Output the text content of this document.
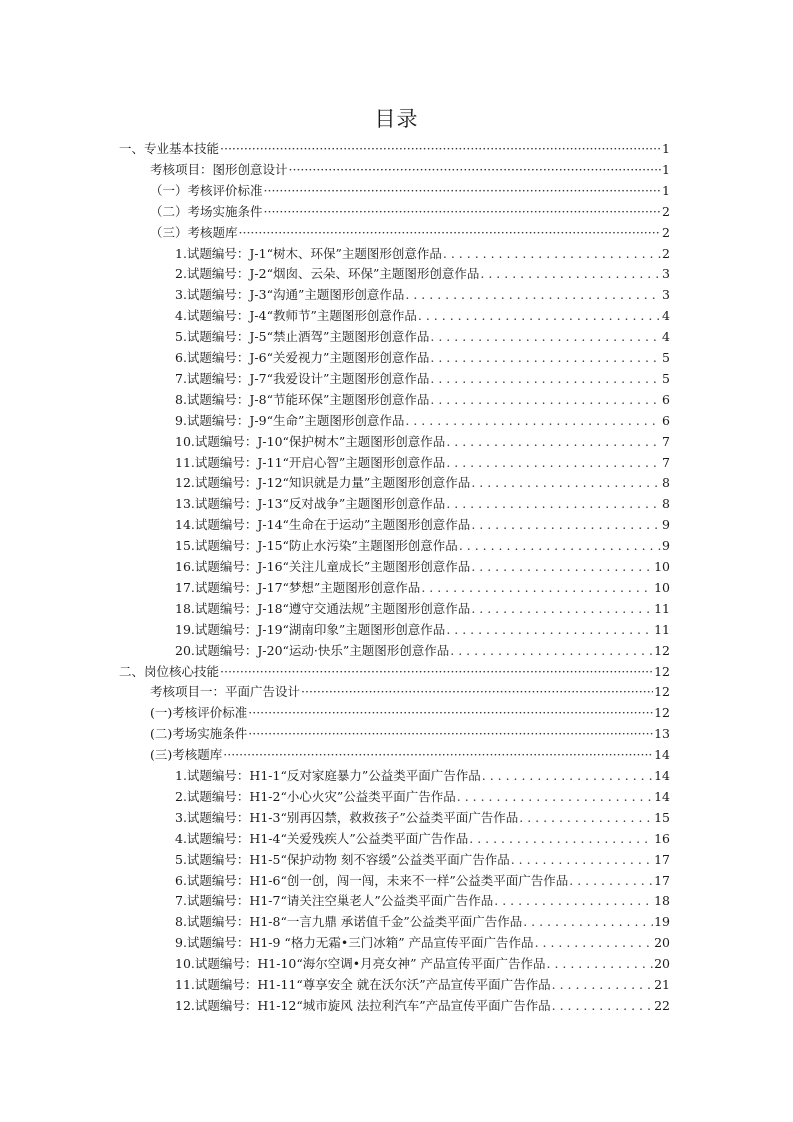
目录
一、专业基本技能 ·····	1
考核项目：图形创意设计 ·····	1
（一）考核评价标准 ·····	1
（二）考场实施条件 ·····	2
（三）考核题库 ·····	2
1.试题编号：J-1“树木、环保”主题图形创意作品 . . .	2
2.试题编号：J-2“烟囱、云朵、环保”主题图形创意作品 . . .	3
3.试题编号：J-3“沟通”主题图形创意作品 . . .	3
4.试题编号：J-4“教师节”主题图形创意作品 . . .	4
5.试题编号：J-5“禁止酒驾”主题图形创意作品 . . .	4
6.试题编号：J-6“关爱视力”主题图形创意作品 . . .	5
7.试题编号：J-7“我爱设计”主题图形创意作品 . . .	5
8.试题编号：J-8“节能环保”主题图形创意作品 . . .	6
9.试题编号：J-9“生命”主题图形创意作品 . . .	6
10.试题编号：J-10“保护树木”主题图形创意作品 . . .	7
11.试题编号：J-11“开启心智”主题图形创意作品 . . .	7
12.试题编号：J-12“知识就是力量”主题图形创意作品 . . .	8
13.试题编号：J-13“反对战争”主题图形创意作品 . . .	8
14.试题编号：J-14“生命在于运动”主题图形创意作品 . . .	9
15.试题编号：J-15“防止水污染”主题图形创意作品 . . .	9
16.试题编号：J-16“关注儿童成长”主题图形创意作品 . . .	10
17.试题编号：J-17“梦想”主题图形创意作品 . . .	10
18.试题编号：J-18“遵守交通法规”主题图形创意作品 . . .	11
19.试题编号：J-19“湖南印象”主题图形创意作品 . . .	11
20.试题编号：J-20“运动·快乐”主题图形创意作品 . . .	12
二、岗位核心技能 ·····	12
考核项目一：平面广告设计 ·····	12
(一)考核评价标准 ·····	12
(二)考场实施条件 ·····	13
(三)考核题库 ·····	14
1.试题编号：H1-1“反对家庭暴力”公益类平面广告作品 . . .	14
2.试题编号：H1-2“小心火灾”公益类平面广告作品 . . .	14
3.试题编号：H1-3“别再囚禁，救救孩子”公益类平面广告作品 . . .	15
4.试题编号：H1-4“关爱残疾人”公益类平面广告作品 . . .	16
5.试题编号：H1-5“保护动物 刻不容缓”公益类平面广告作品 . . .	17
6.试题编号：H1-6“创一创，闯一闯，未来不一样”公益类平面广告作品 . . .	17
7.试题编号：H1-7“请关注空巢老人”公益类平面广告作品 . . .	18
8.试题编号：H1-8“一言九鼎 承诺值千金”公益类平面广告作品 . . .	19
9.试题编号：H1-9 “格力无霜•三门冰箱” 产品宣传平面广告作品 . . .	20
10.试题编号：H1-10“海尔空调•月亮女神” 产品宣传平面广告作品 . . .	20
11.试题编号：H1-11“尊享安全 就在沃尔沃”产品宣传平面广告作品 . . .	21
12.试题编号：H1-12“城市旋风 法拉利汽车”产品宣传平面广告作品 . . .	22
